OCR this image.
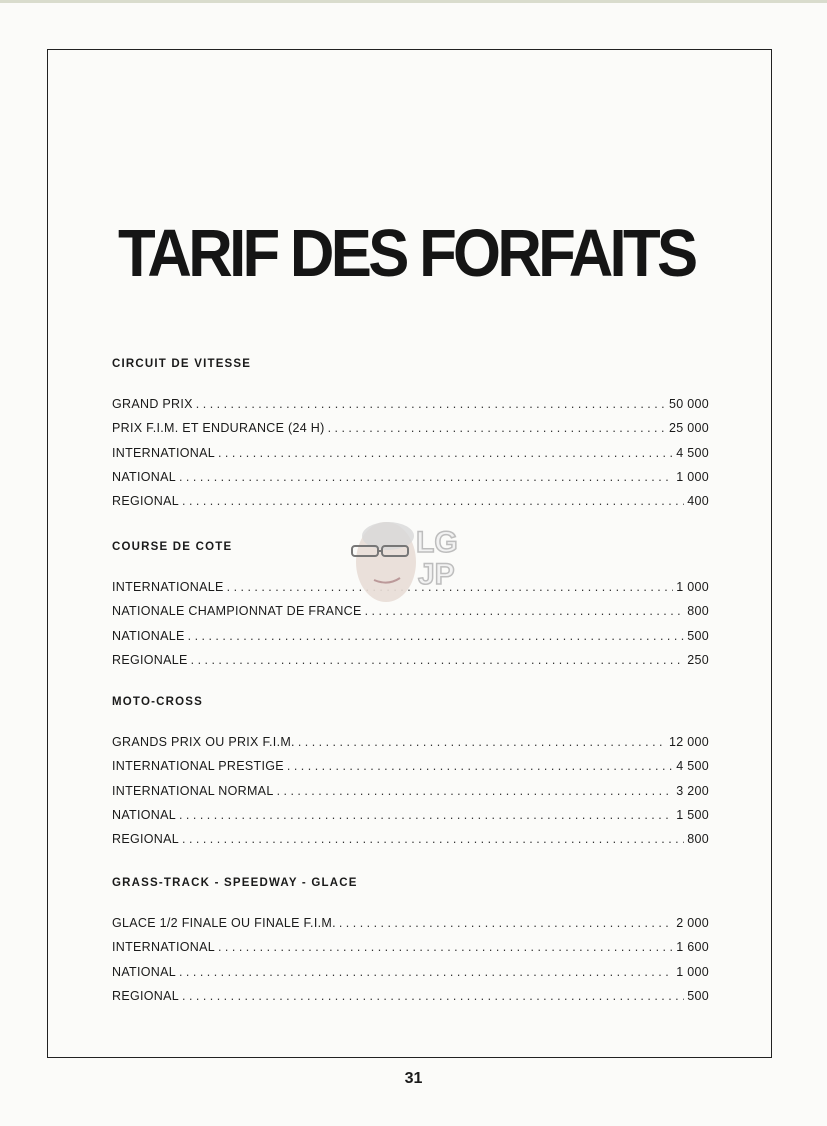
TARIF DES FORFAITS
CIRCUIT DE VITESSE
GRAND PRIX . . .	50 000
PRIX F.I.M. ET ENDURANCE (24 H) . . .	25 000
INTERNATIONAL . . .	4 500
NATIONAL . . .	1 000
REGIONAL . . .	400
COURSE DE COTE
INTERNATIONALE . . .	1 000
NATIONALE CHAMPIONNAT DE FRANCE . . .	800
NATIONALE . . .	500
REGIONALE . . .	250
MOTO-CROSS
GRANDS PRIX OU PRIX F.I.M. . . .	12 000
INTERNATIONAL PRESTIGE . . .	4 500
INTERNATIONAL NORMAL . . .	3 200
NATIONAL . . .	1 500
REGIONAL . . .	800
GRASS-TRACK - SPEEDWAY - GLACE
GLACE 1/2 FINALE OU FINALE F.I.M. . . .	2 000
INTERNATIONAL . . .	1 600
NATIONAL . . .	1 000
REGIONAL . . .	500
LG
JP
31
